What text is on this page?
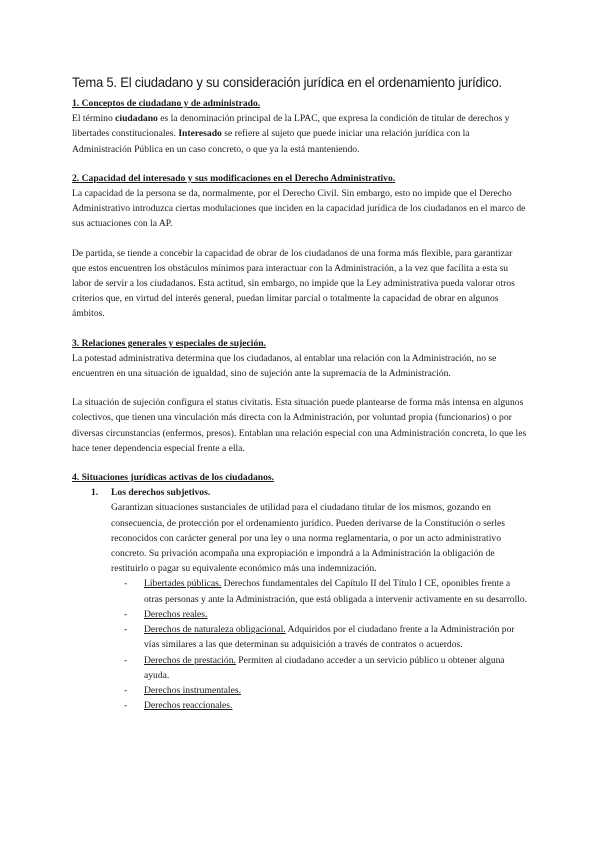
Tema 5. El ciudadano y su consideración jurídica en el ordenamiento jurídico.

1. Conceptos de ciudadano y de administrado.

El término ciudadano es la denominación principal de la LPAC, que expresa la condición de titular de derechos y libertades constitucionales. Interesado se refiere al sujeto que puede iniciar una relación jurídica con la Administración Pública en un caso concreto, o que ya la está manteniendo.

2. Capacidad del interesado y sus modificaciones en el Derecho Administrativo.

La capacidad de la persona se da, normalmente, por el Derecho Civil. Sin embargo, esto no impide que el Derecho Administrativo introduzca ciertas modulaciones que inciden en la capacidad jurídica de los ciudadanos en el marco de sus actuaciones con la AP.

De partida, se tiende a concebir la capacidad de obrar de los ciudadanos de una forma más flexible, para garantizar que estos encuentren los obstáculos mínimos para interactuar con la Administración, a la vez que facilita a esta su labor de servir a los ciudadanos. Esta actitud, sin embargo, no impide que la Ley administrativa pueda valorar otros criterios que, en virtud del interés general, puedan limitar parcial o totalmente la capacidad de obrar en algunos ámbitos.

3. Relaciones generales y especiales de sujeción.

La potestad administrativa determina que los ciudadanos, al entablar una relación con la Administración, no se encuentren en una situación de igualdad, sino de sujeción ante la supremacía de la Administración.

La situación de sujeción configura el status civitatis. Esta situación puede plantearse de forma más intensa en algunos colectivos, que tienen una vinculación más directa con la Administración, por voluntad propia (funcionarios) o por diversas circunstancias (enfermos, presos). Entablan una relación especial con una Administración concreta, lo que les hace tener dependencia especial frente a ella.

4. Situaciones jurídicas activas de los ciudadanos.

1. Los derechos subjetivos.

Garantizan situaciones sustanciales de utilidad para el ciudadano titular de los mismos, gozando en consecuencia, de protección por el ordenamiento jurídico. Pueden derivarse de la Constitución o serles reconocidos con carácter general por una ley o una norma reglamentaria, o por un acto administrativo concreto. Su privación acompaña una expropiación e impondrá a la Administración la obligación de restituirlo o pagar su equivalente económico más una indemnización.

- Libertades públicas. Derechos fundamentales del Capítulo II del Título I CE, oponibles frente a otras personas y ante la Administración, que está obligada a intervenir activamente en su desarrollo.
- Derechos reales.
- Derechos de naturaleza obligacional. Adquiridos por el ciudadano frente a la Administración por vías similares a las que determinan su adquisición a través de contratos o acuerdos.
- Derechos de prestación. Permiten al ciudadano acceder a un servicio público u obtener alguna ayuda.
- Derechos instrumentales.
- Derechos reaccionales.
